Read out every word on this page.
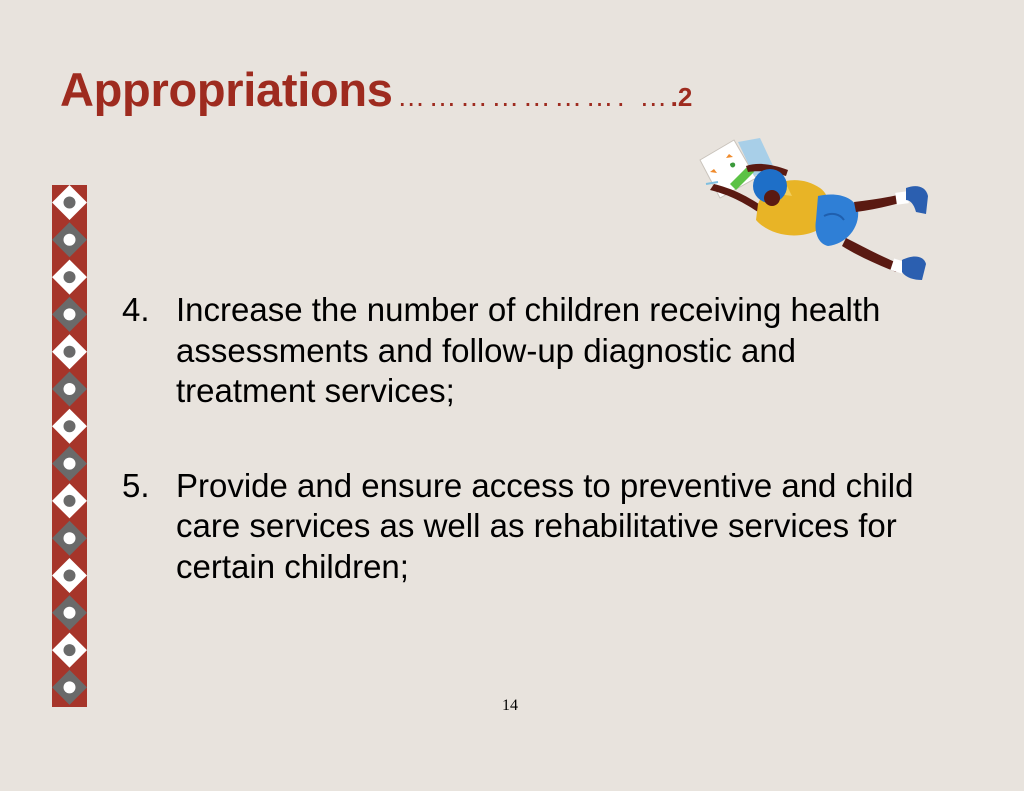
Appropriations …………………. ….2
4. Increase the number of children receiving health assessments and follow-up diagnostic and treatment services;
5. Provide and ensure access to preventive and child care services as well as rehabilitative services for certain children;
14
